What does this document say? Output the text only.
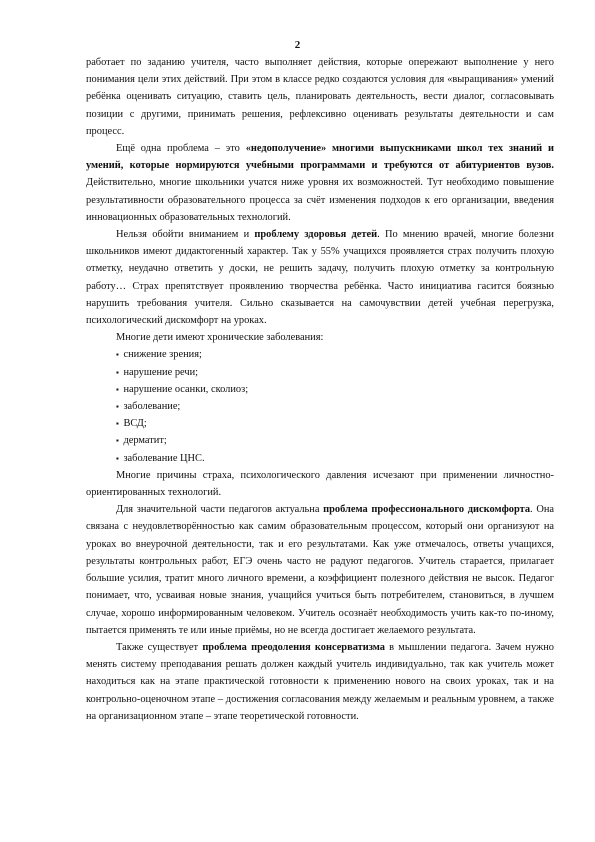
2

работает по заданию учителя, часто выполняет действия, которые опережают выполнение у него понимания цели этих действий. При этом в классе редко создаются условия для «выращивания» умений ребёнка оценивать ситуацию, ставить цель, планировать деятельность, вести диалог, согласовывать позиции с другими, принимать решения, рефлексивно оценивать результаты деятельности и сам процесс.

Ещё одна проблема – это «недополучение» многими выпускниками школ тех знаний и умений, которые нормируются учебными программами и требуются от абитуриентов вузов. Действительно, многие школьники учатся ниже уровня их возможностей. Тут необходимо повышение результативности образовательного процесса за счёт изменения подходов к его организации, введения инновационных образовательных технологий.

Нельзя обойти вниманием и проблему здоровья детей. По мнению врачей, многие болезни школьников имеют дидактогенный характер. Так у 55% учащихся проявляется страх получить плохую отметку, неудачно ответить у доски, не решить задачу, получить плохую отметку за контрольную работу… Страх препятствует проявлению творчества ребёнка. Часто инициатива гасится боязнью нарушить требования учителя. Сильно сказывается на самочувствии детей учебная перегрузка, психологический дискомфорт на уроках.

Многие дети имеют хронические заболевания:

▪ снижение зрения;
▪ нарушение речи;
▪ нарушение осанки, сколиоз;
▪ заболевание;
▪ ВСД;
▪ дерматит;
▪ заболевание ЦНС.

Многие причины страха, психологического давления исчезают при применении личностно-ориентированных технологий.

Для значительной части педагогов актуальна проблема профессионального дискомфорта. Она связана с неудовлетворённостью как самим образовательным процессом, который они организуют на уроках во внеурочной деятельности, так и его результатами. Как уже отмечалось, ответы учащихся, результаты контрольных работ, ЕГЭ очень часто не радуют педагогов. Учитель старается, прилагает большие усилия, тратит много личного времени, а коэффициент полезного действия не высок. Педагог понимает, что, усваивая новые знания, учащийся учиться быть потребителем, становиться, в лучшем случае, хорошо информированным человеком. Учитель осознаёт необходимость учить как-то по-иному, пытается применять те или иные приёмы, но не всегда достигает желаемого результата.

Также существует проблема преодоления консерватизма в мышлении педагога. Зачем нужно менять систему преподавания решать должен каждый учитель индивидуально, так как учитель может находиться как на этапе практической готовности к применению нового на своих уроках, так и на контрольно-оценочном этапе – достижения согласования между желаемым и реальным уровнем, а также на организационном этапе – этапе теоретической готовности.
